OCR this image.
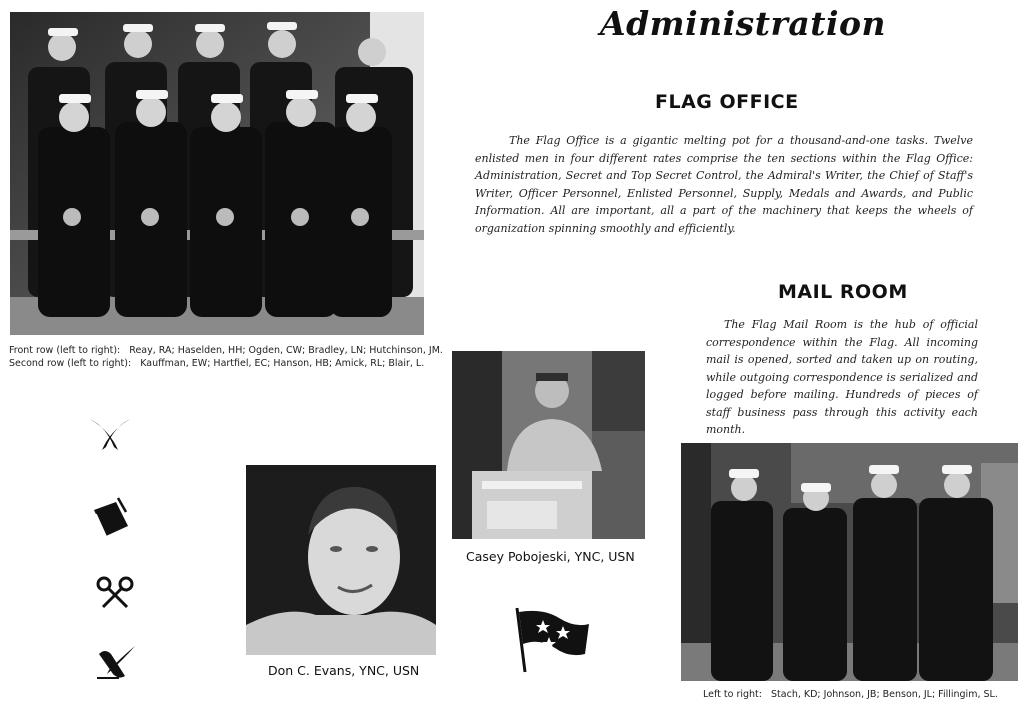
Administration
Front row (left to right): Reay, RA; Haselden, HH; Ogden, CW; Bradley, LN; Hutchinson, JM.
Second row (left to right): Kauffman, EW; Hartfiel, EC; Hanson, HB; Amick, RL; Blair, L.
FLAG OFFICE
The Flag Office is a gigantic melting pot for a thousand-and-one tasks. Twelve enlisted men in four different rates comprise the ten sections within the Flag Office: Administration, Secret and Top Secret Control, the Admiral's Writer, the Chief of Staff's Writer, Officer Personnel, Enlisted Personnel, Supply, Medals and Awards, and Public Information. All are important, all a part of the machinery that keeps the wheels of organization spinning smoothly and efficiently.
MAIL ROOM
The Flag Mail Room is the hub of official correspondence within the Flag. All incoming mail is opened, sorted and taken up on routing, while outgoing correspondence is serialized and logged before mailing. Hundreds of pieces of staff business pass through this activity each month.
Casey Pobojeski, YNC, USN
Don C. Evans, YNC, USN
Left to right: Stach, KD; Johnson, JB; Benson, JL; Fillingim, SL.
